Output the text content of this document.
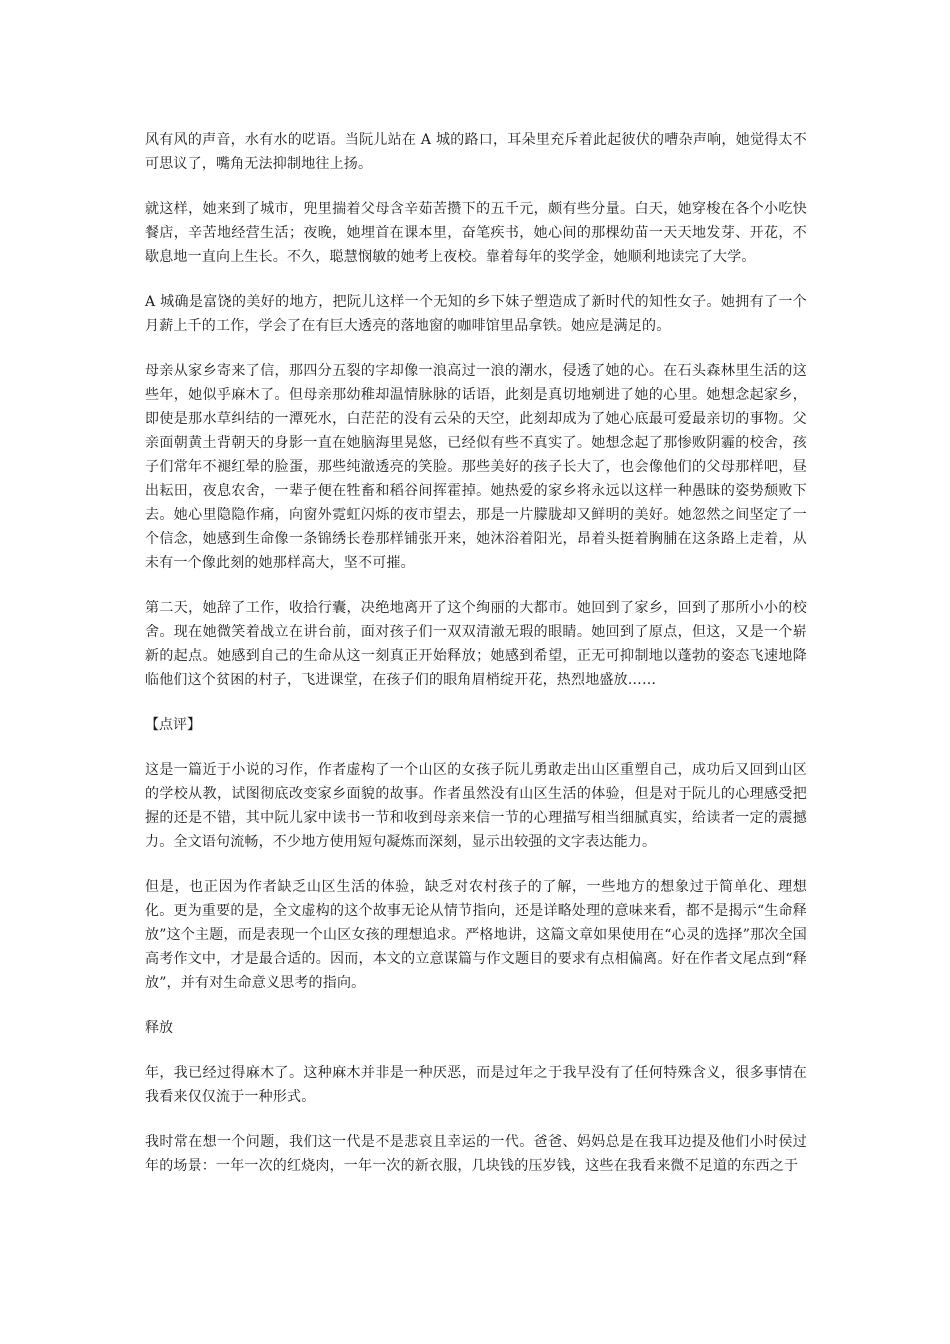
风有风的声音，水有水的呓语。当阮儿站在 A 城的路口，耳朵里充斥着此起彼伏的嘈杂声响，她觉得太不可思议了，嘴角无法抑制地往上扬。

就这样，她来到了城市，兜里揣着父母含辛茹苦攒下的五千元，颇有些分量。白天，她穿梭在各个小吃快餐店，辛苦地经营生活；夜晚，她埋首在课本里，奋笔疾书，她心间的那棵幼苗一天天地发芽、开花，不歇息地一直向上生长。不久，聪慧悯敏的她考上夜校。靠着每年的奖学金，她顺利地读完了大学。

A 城确是富饶的美好的地方，把阮儿这样一个无知的乡下妹子塑造成了新时代的知性女子。她拥有了一个月薪上千的工作，学会了在有巨大透亮的落地窗的咖啡馆里品拿铁。她应是满足的。

母亲从家乡寄来了信，那四分五裂的字却像一浪高过一浪的潮水，侵透了她的心。在石头森林里生活的这些年，她似乎麻木了。但母亲那幼稚却温情脉脉的话语，此刻是真切地剜进了她的心里。她想念起家乡，即使是那水草纠结的一潭死水，白茫茫的没有云朵的天空，此刻却成为了她心底最可爱最亲切的事物。父亲面朝黄土背朝天的身影一直在她脑海里晃悠，已经似有些不真实了。她想念起了那惨败阴霾的校舍，孩子们常年不褪红晕的脸蛋，那些纯澈透亮的笑脸。那些美好的孩子长大了，也会像他们的父母那样吧，昼出耘田，夜息农舍，一辈子便在牲畜和稻谷间挥霍掉。她热爱的家乡将永远以这样一种愚昧的姿势颓败下去。她心里隐隐作痛，向窗外霓虹闪烁的夜市望去，那是一片朦胧却又鲜明的美好。她忽然之间坚定了一个信念，她感到生命像一条锦绣长卷那样铺张开来，她沐浴着阳光，昂着头挺着胸脯在这条路上走着，从未有一个像此刻的她那样高大，坚不可摧。

第二天，她辞了工作，收拾行囊，决绝地离开了这个绚丽的大都市。她回到了家乡，回到了那所小小的校舍。现在她微笑着战立在讲台前，面对孩子们一双双清澈无瑕的眼睛。她回到了原点，但这，又是一个崭新的起点。她感到自己的生命从这一刻真正开始释放；她感到希望，正无可抑制地以蓬勃的姿态飞速地降临他们这个贫困的村子，飞进课堂，在孩子们的眼角眉梢绽开花，热烈地盛放……

【点评】

这是一篇近于小说的习作，作者虚构了一个山区的女孩子阮儿勇敢走出山区重塑自己，成功后又回到山区的学校从教，试图彻底改变家乡面貌的故事。作者虽然没有山区生活的体验，但是对于阮儿的心理感受把握的还是不错，其中阮儿家中读书一节和收到母亲来信一节的心理描写相当细腻真实，给读者一定的震撼力。全文语句流畅，不少地方使用短句凝炼而深刻，显示出较强的文字表达能力。

但是，也正因为作者缺乏山区生活的体验，缺乏对农村孩子的了解，一些地方的想象过于简单化、理想化。更为重要的是，全文虚构的这个故事无论从情节指向，还是详略处理的意味来看，都不是揭示“生命释放”这个主题，而是表现一个山区女孩的理想追求。严格地讲，这篇文章如果使用在“心灵的选择”那次全国高考作文中，才是最合适的。因而，本文的立意谋篇与作文题目的要求有点相偏离。好在作者文尾点到“释放”，并有对生命意义思考的指向。

释放

年，我已经过得麻木了。这种麻木并非是一种厌恶，而是过年之于我早没有了任何特殊含义，很多事情在我看来仅仅流于一种形式。

我时常在想一个问题，我们这一代是不是悲哀且幸运的一代。爸爸、妈妈总是在我耳边提及他们小时侯过年的场景：一年一次的红烧肉，一年一次的新衣服，几块钱的压岁钱，这些在我看来微不足道的东西之于
